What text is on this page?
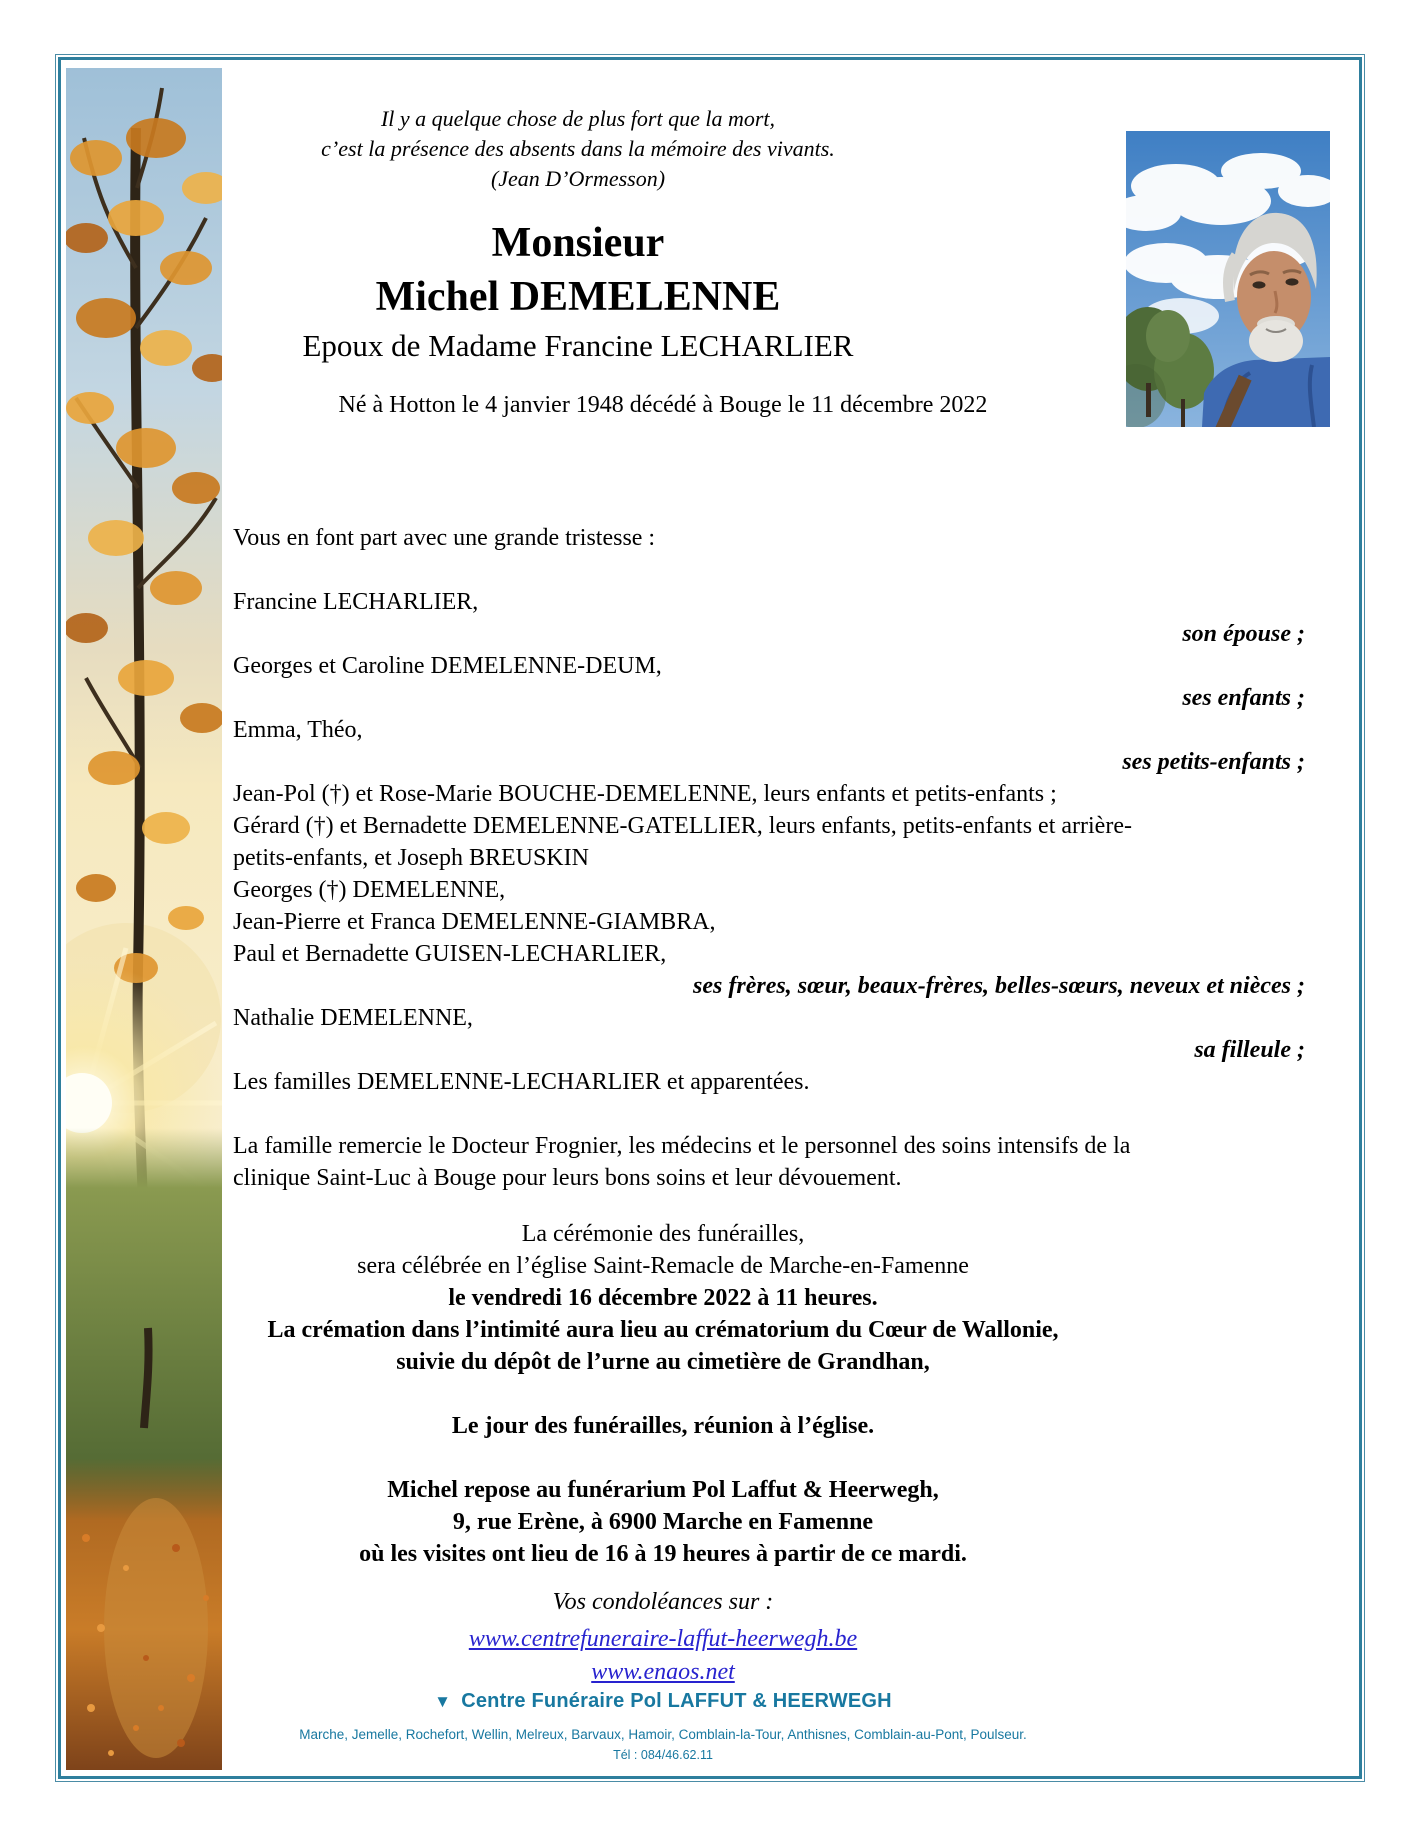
Il y a quelque chose de plus fort que la mort,
c’est la présence des absents dans la mémoire des vivants.
(Jean D’Ormesson)
Monsieur
Michel DEMELENNE
Epoux de Madame Francine LECHARLIER
Né à Hotton le 4 janvier 1948 décédé à Bouge le 11 décembre 2022
Vous en font part avec une grande tristesse :
Francine LECHARLIER,
son épouse ;
Georges et Caroline DEMELENNE-DEUM,
ses enfants ;
Emma, Théo,
ses petits-enfants ;
Jean-Pol (†) et Rose-Marie BOUCHE-DEMELENNE, leurs enfants et petits-enfants ;
Gérard (†) et Bernadette DEMELENNE-GATELLIER, leurs enfants, petits-enfants et arrière-
petits-enfants, et Joseph BREUSKIN
Georges (†) DEMELENNE,
Jean-Pierre et Franca DEMELENNE-GIAMBRA,
Paul et Bernadette GUISEN-LECHARLIER,
ses frères, sœur, beaux-frères, belles-sœurs, neveux et nièces ;
Nathalie DEMELENNE,
sa filleule ;
Les familles DEMELENNE-LECHARLIER et apparentées.
La famille remercie le Docteur Frognier, les médecins et le personnel des soins intensifs de la
clinique Saint-Luc à Bouge pour leurs bons soins et leur dévouement.
La cérémonie des funérailles,
sera célébrée en l’église Saint-Remacle de Marche-en-Famenne
le vendredi 16 décembre 2022 à 11 heures.
La crémation dans l’intimité aura lieu au crématorium du Cœur de Wallonie,
suivie du dépôt de l’urne au cimetière de Grandhan,
Le jour des funérailles, réunion à l’église.
Michel repose au funérarium Pol Laffut & Heerwegh,
9, rue Erène, à 6900 Marche en Famenne
où les visites ont lieu de 16 à 19 heures à partir de ce mardi.
Vos condoléances sur :
www.centrefuneraire-laffut-heerwegh.be
www.enaos.net
▼ Centre Funéraire Pol LAFFUT & HEERWEGH
Marche, Jemelle, Rochefort, Wellin, Melreux, Barvaux, Hamoir, Comblain-la-Tour, Anthisnes, Comblain-au-Pont, Poulseur.
Tél : 084/46.62.11
